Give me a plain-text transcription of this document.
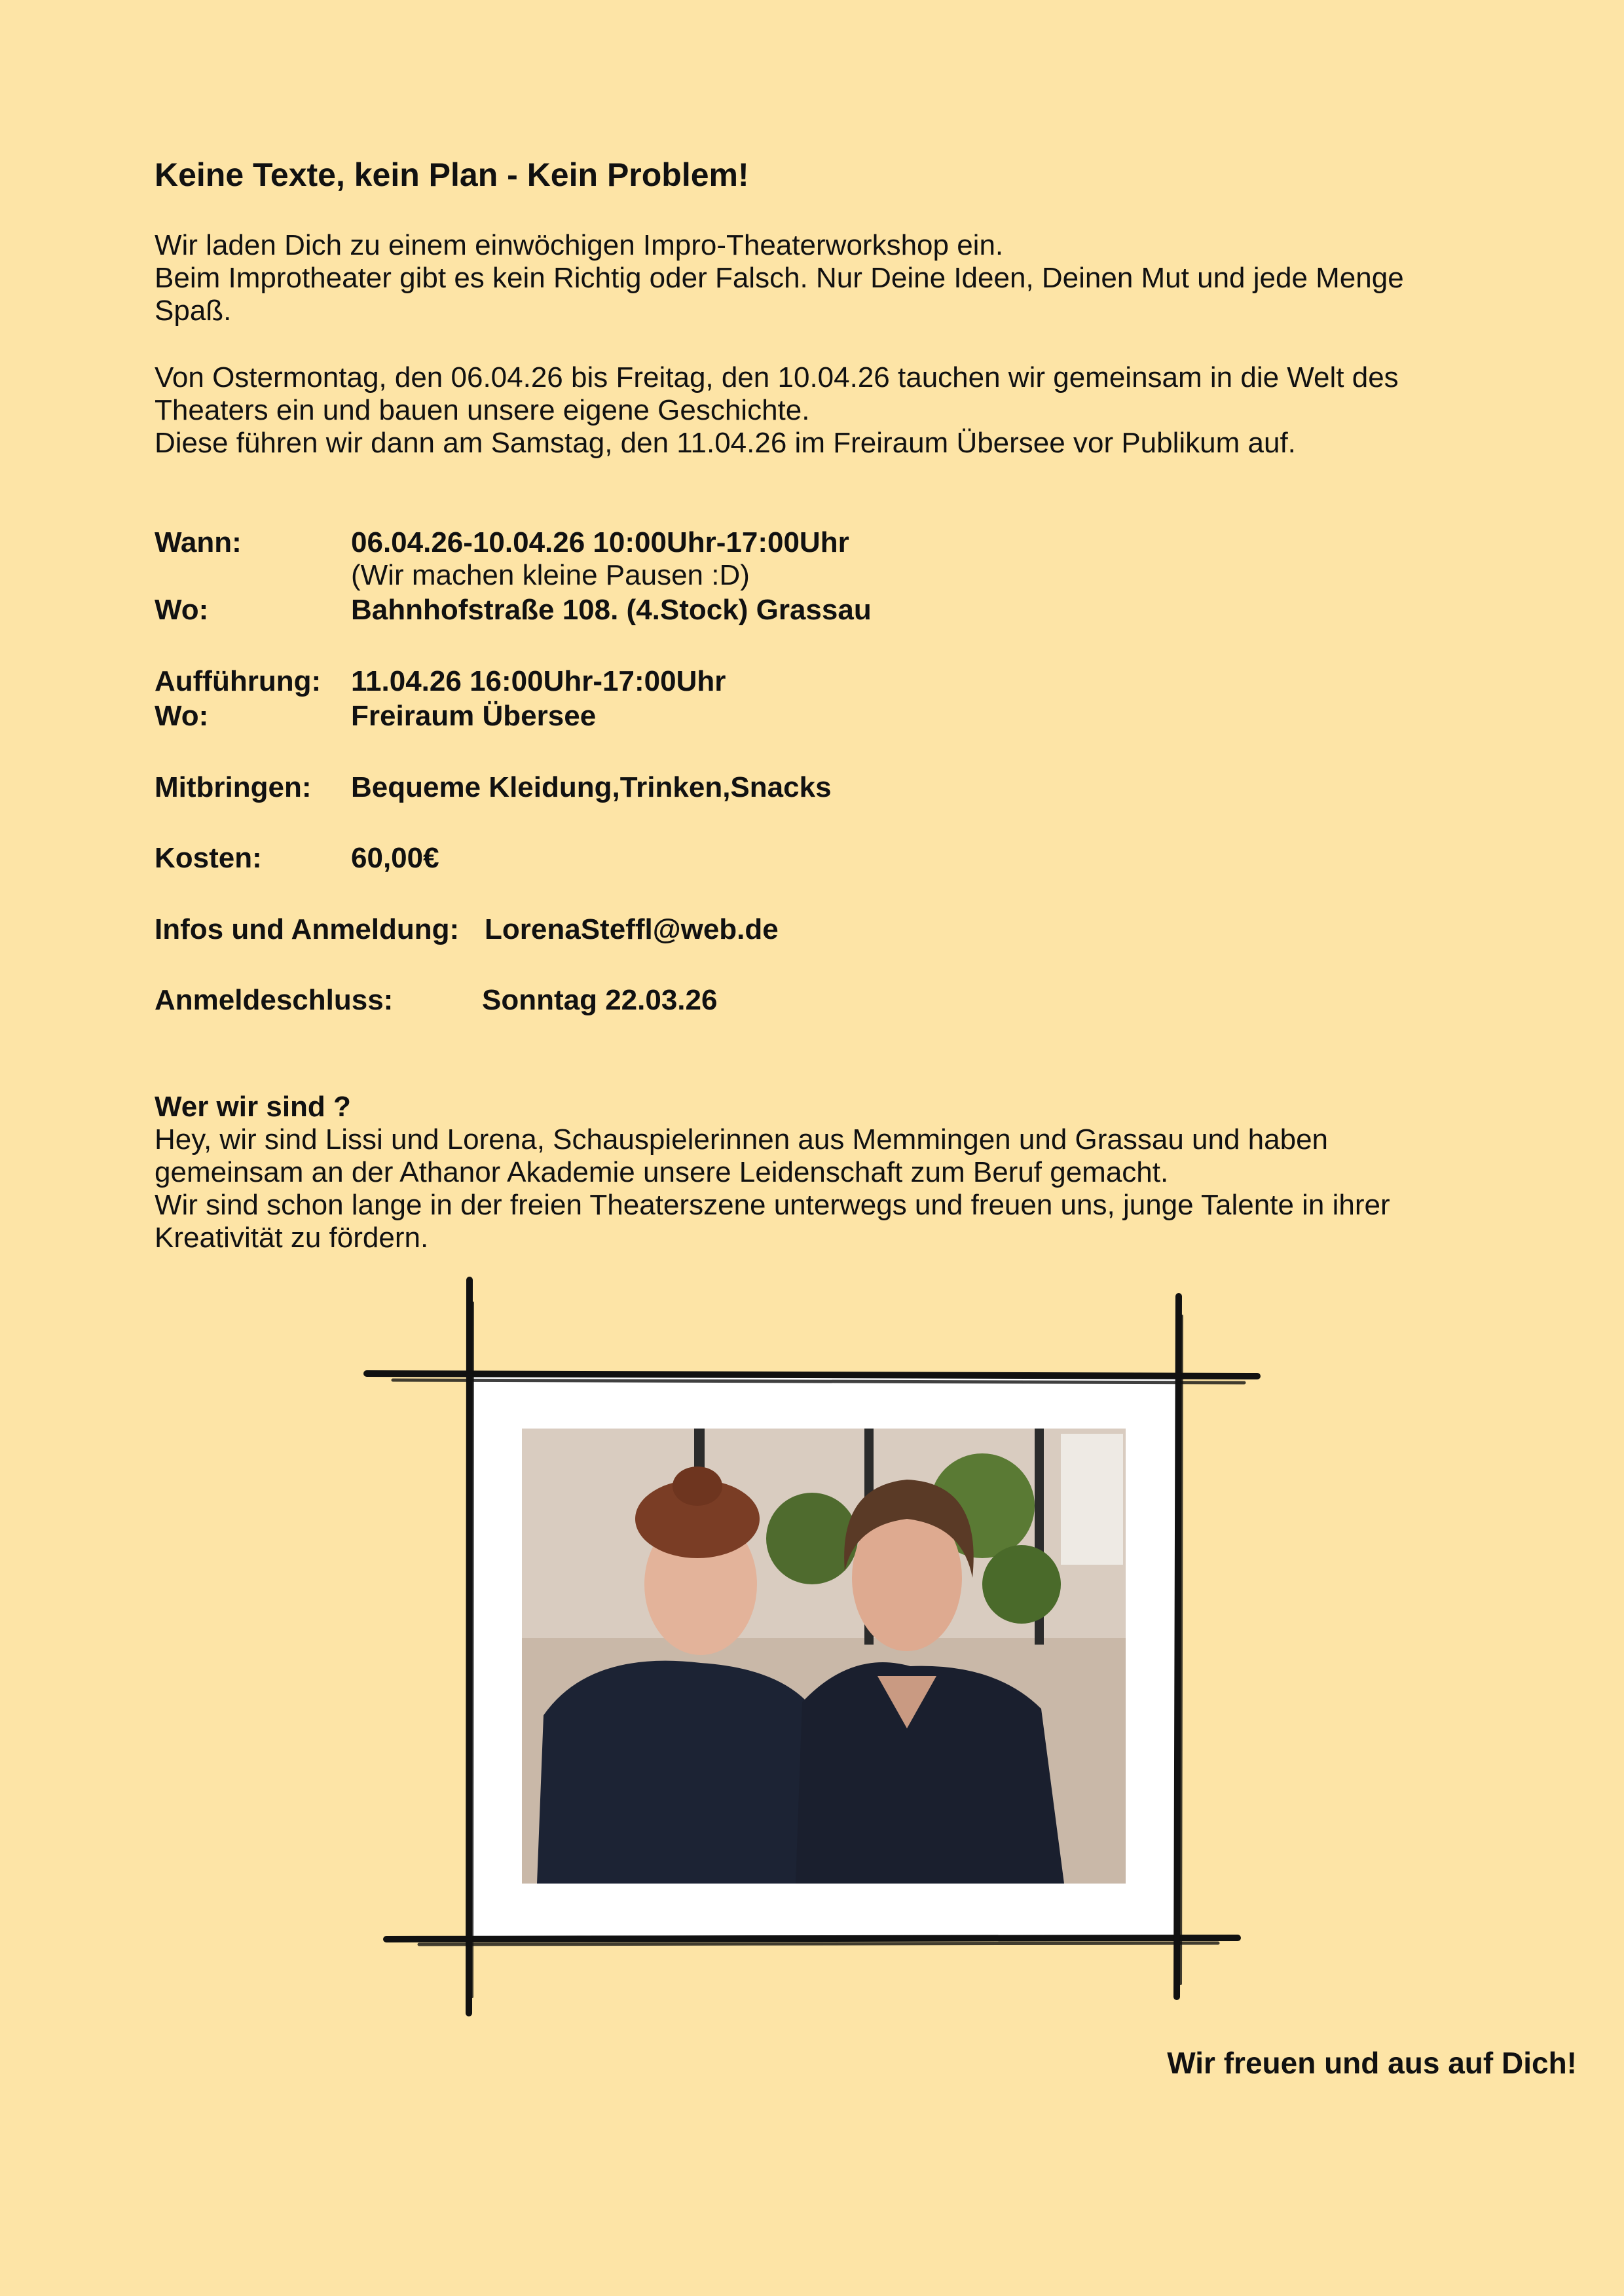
Keine Texte, kein Plan - Kein Problem!
Wir laden Dich zu einem einwöchigen Impro-Theaterworkshop ein.
Beim Improtheater gibt es kein Richtig oder Falsch. Nur Deine Ideen, Deinen Mut und jede Menge
Spaß.
Von Ostermontag, den 06.04.26 bis Freitag, den 10.04.26 tauchen wir gemeinsam in die Welt des
Theaters ein und bauen unsere eigene Geschichte.
Diese führen wir dann am Samstag, den 11.04.26 im Freiraum Übersee vor Publikum auf.
Wann:	06.04.26-10.04.26 10:00Uhr-17:00Uhr
(Wir machen kleine Pausen :D)
Wo:	Bahnhofstraße 108. (4.Stock) Grassau
Aufführung: 11.04.26 16:00Uhr-17:00Uhr
Wo:	Freiraum Übersee
Mitbringen: Bequeme Kleidung,Trinken,Snacks
Kosten:	60,00€
Infos und Anmeldung: LorenaSteffl@web.de
Anmeldeschluss:	Sonntag 22.03.26
Wer wir sind ?
Hey, wir sind Lissi und Lorena, Schauspielerinnen aus Memmingen und Grassau und haben
gemeinsam an der Athanor Akademie unsere Leidenschaft zum Beruf gemacht.
Wir sind schon lange in der freien Theaterszene unterwegs und freuen uns, junge Talente in ihrer
Kreativität zu fördern.
Wir freuen und aus auf Dich!
